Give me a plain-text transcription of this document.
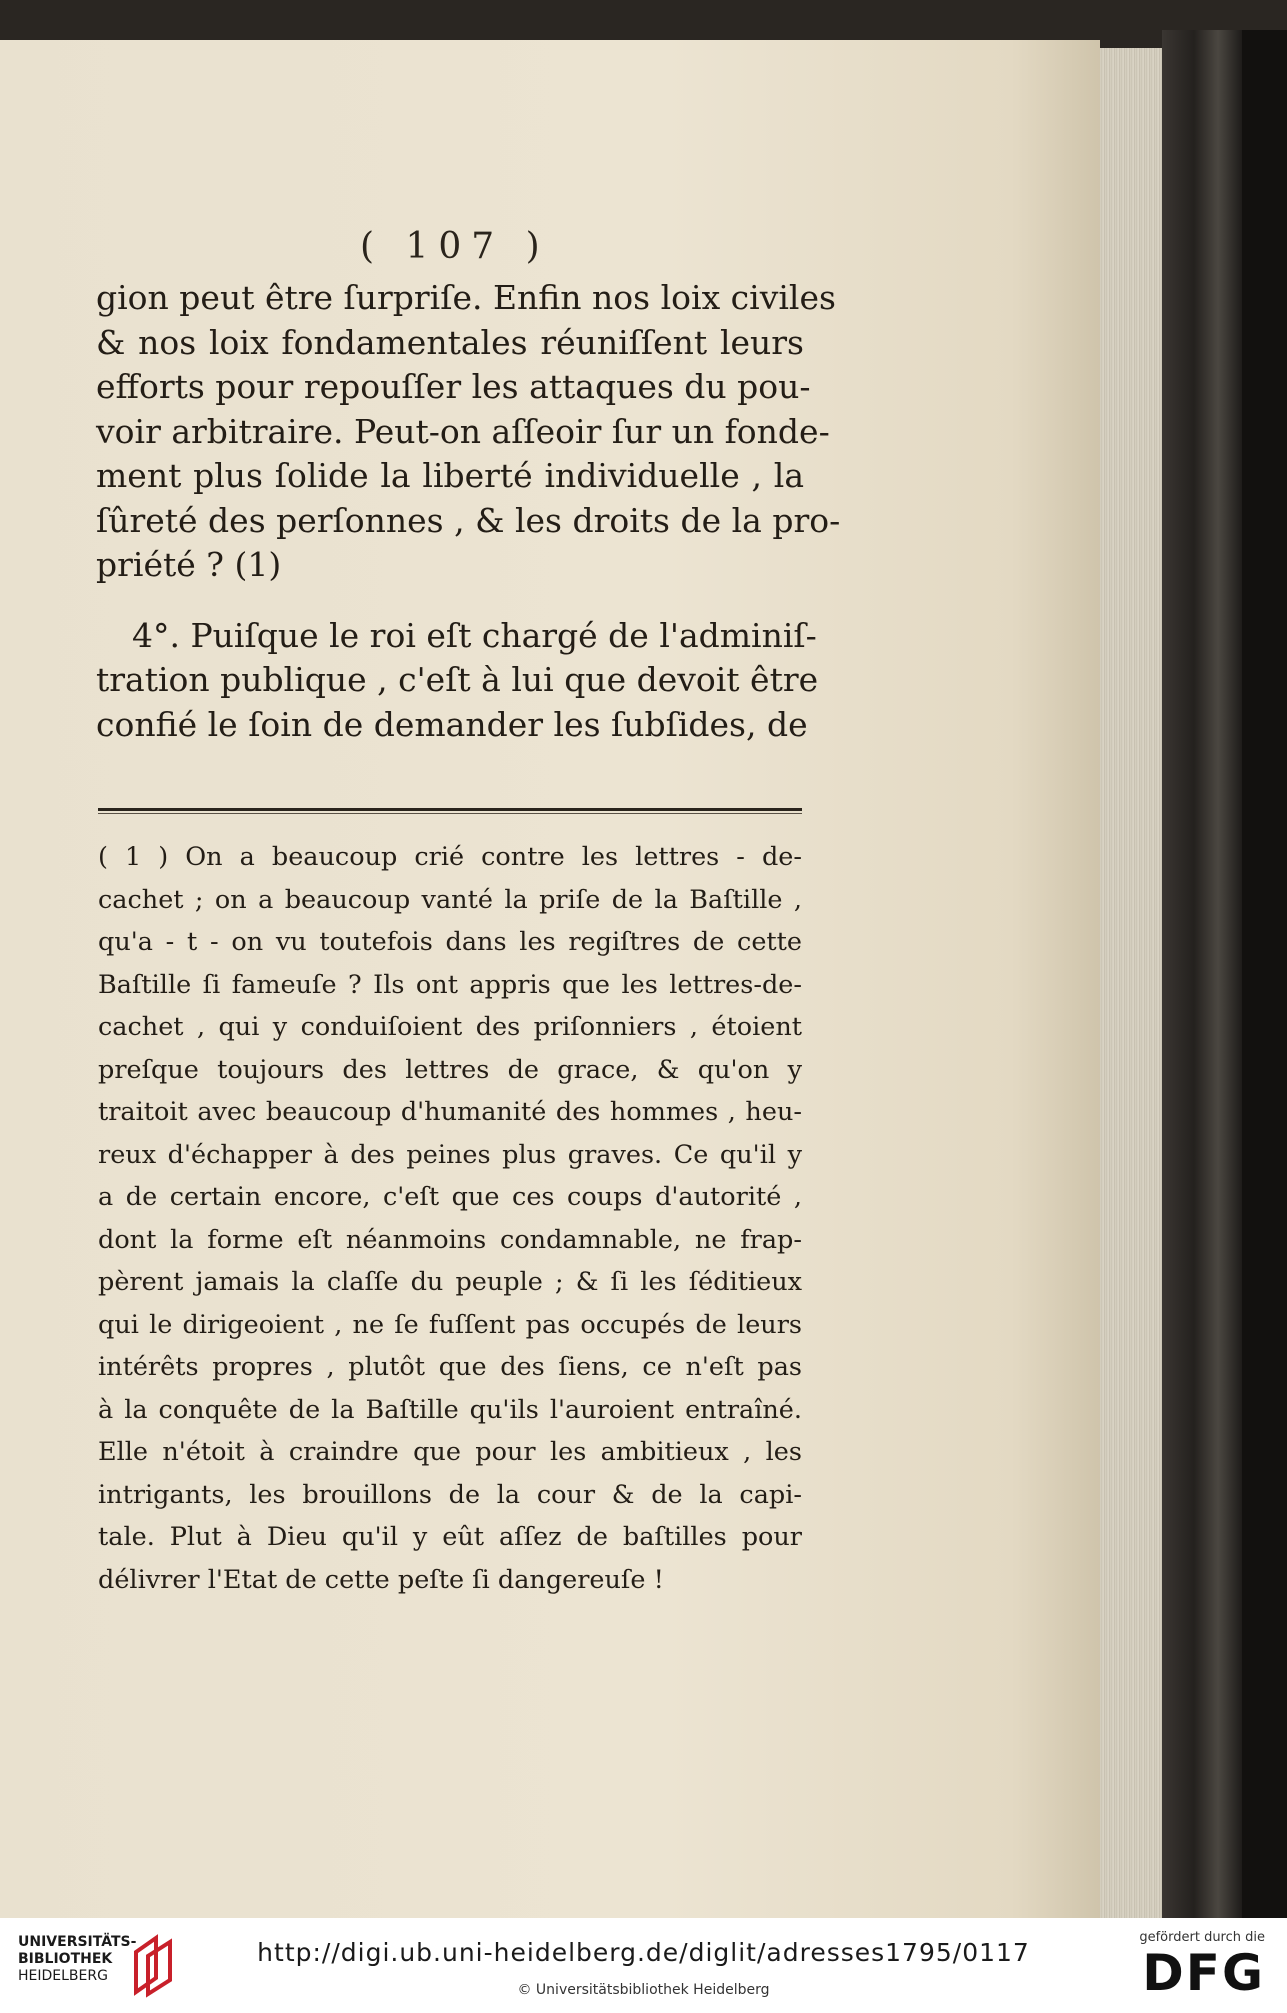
( 107 )
gion peut être ſurpriſe. Enfin nos loix civiles
& nos loix fondamentales réuniſſent leurs
efforts pour repouſſer les attaques du pou-
voir arbitraire. Peut-on aſſeoir ſur un fonde-
ment plus ſolide la liberté individuelle , la
ſûreté des perſonnes , & les droits de la pro-
priété ? (1)
4°. Puiſque le roi eſt chargé de l'adminiſ-
tration publique , c'eſt à lui que devoit être
confié le ſoin de demander les ſubſides, de
( 1 ) On a beaucoup crié contre les lettres - de-
cachet ; on a beaucoup vanté la priſe de la Baſtille ,
qu'a - t - on vu toutefois dans les regiſtres de cette
Baſtille ſi fameuſe ? Ils ont appris que les lettres-de-
cachet , qui y conduiſoient des priſonniers , étoient
preſque toujours des lettres de grace, & qu'on y
traitoit avec beaucoup d'humanité des hommes , heu-
reux d'échapper à des peines plus graves. Ce qu'il y
a de certain encore, c'eſt que ces coups d'autorité ,
dont la forme eſt néanmoins condamnable, ne frap-
pèrent jamais la claſſe du peuple ; & ſi les ſéditieux
qui le dirigeoient , ne ſe fuſſent pas occupés de leurs
intérêts propres , plutôt que des ſiens, ce n'eſt pas
à la conquête de la Baſtille qu'ils l'auroient entraîné.
Elle n'étoit à craindre que pour les ambitieux , les
intrigants, les brouillons de la cour & de la capi-
tale. Plut à Dieu qu'il y eût aſſez de baſtilles pour
délivrer l'Etat de cette peſte ſi dangereuſe !
UNIVERSITÄTS-
BIBLIOTHEK
HEIDELBERG
http://digi.ub.uni-heidelberg.de/diglit/adresses1795/0117
© Universitätsbibliothek Heidelberg
gefördert durch die
DFG
